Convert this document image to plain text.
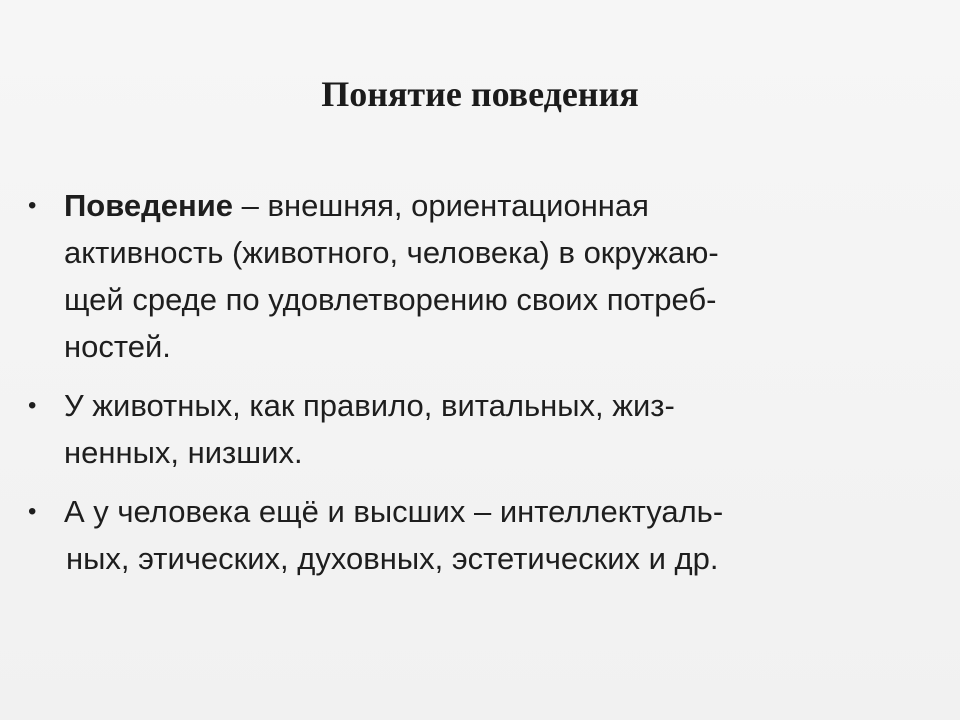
Понятие поведения
• Поведение – внешняя, ориентационная
активность (животного, человека) в окружаю-
щей среде по удовлетворению своих потреб-
ностей.
• У животных, как правило, витальных, жиз-
ненных, низших.
• А у человека ещё и высших – интеллектуаль-
ных, этических, духовных, эстетических и др.
